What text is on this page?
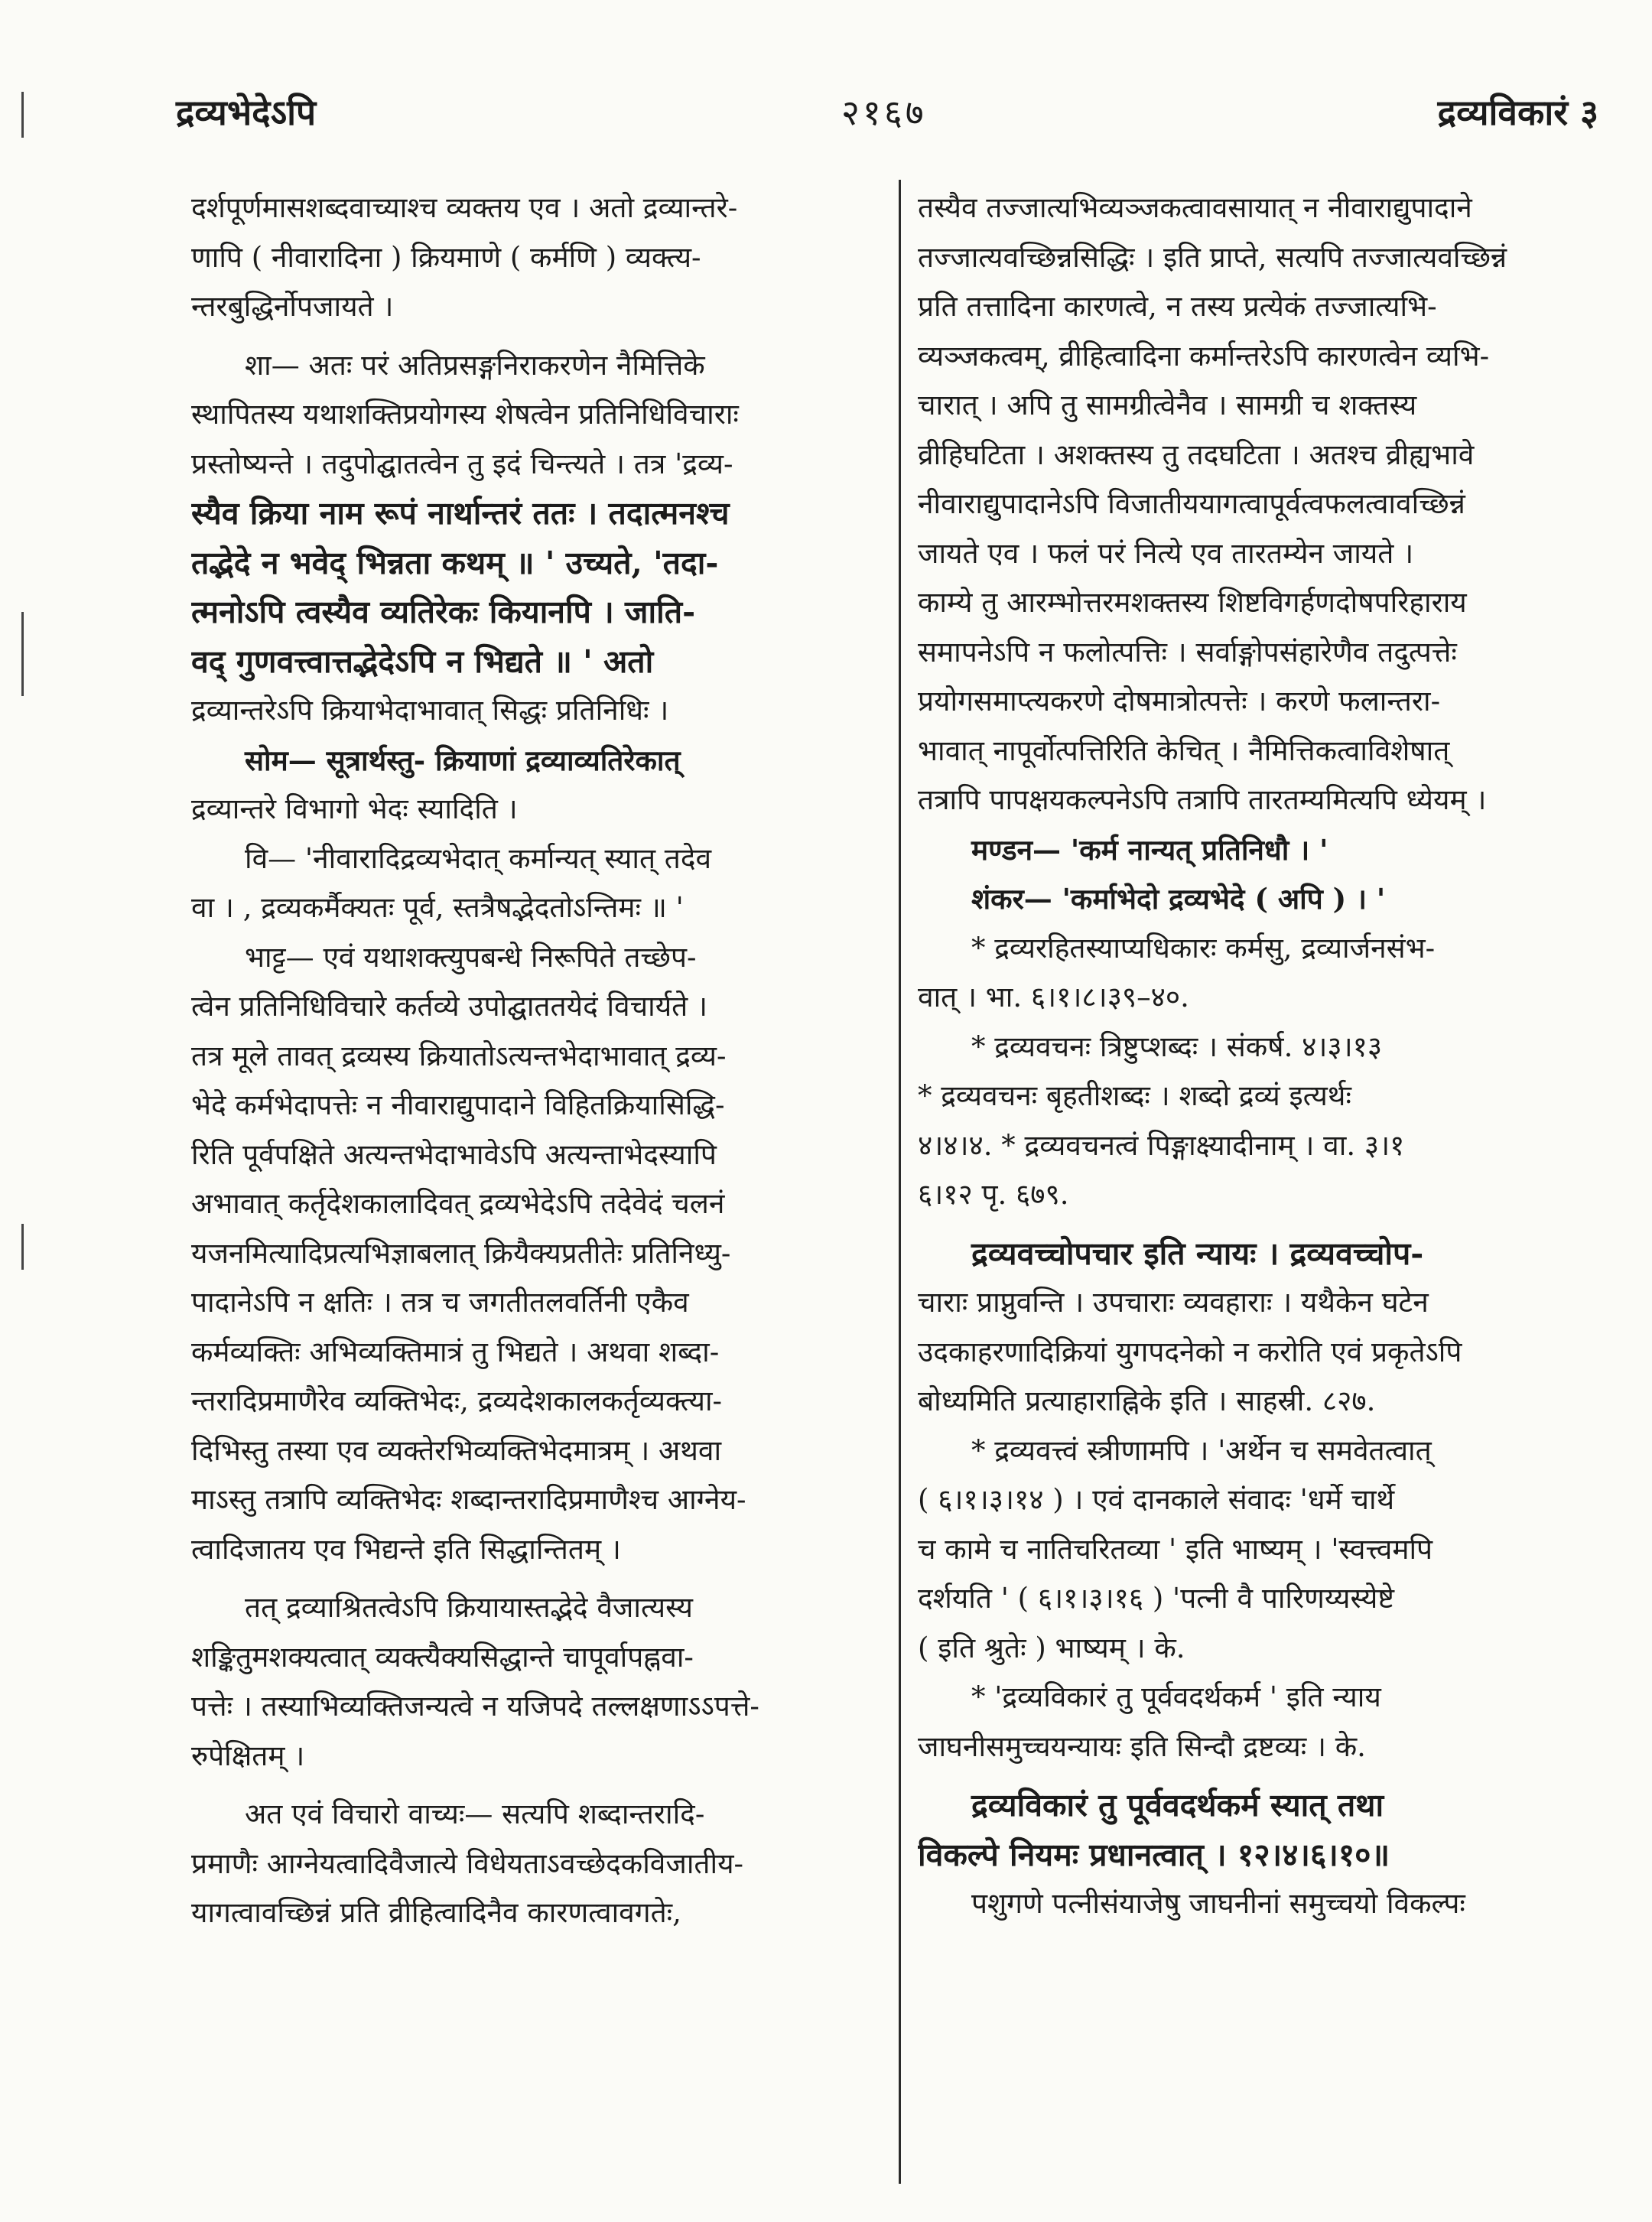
द्रव्यभेदेऽपि	२१६७	द्रव्यविकारं ३
दर्शपूर्णमासशब्दवाच्याश्च व्यक्तय एव । अतो द्रव्यान्तरे-
णापि ( नीवारादिना ) क्रियमाणे ( कर्मणि ) व्यक्त्य-
न्तरबुद्धिर्नोपजायते ।
शा— अतः परं अतिप्रसङ्गनिराकरणेन नैमित्तिके
स्थापितस्य यथाशक्तिप्रयोगस्य शेषत्वेन प्रतिनिधिविचाराः
प्रस्तोष्यन्ते । तदुपोद्घातत्वेन तु इदं चिन्त्यते । तत्र 'द्रव्य-
स्यैव क्रिया नाम रूपं नार्थान्तरं ततः । तदात्मनश्च
तद्भेदे न भवेद् भिन्नता कथम् ॥ ' उच्यते, 'तदा-
त्मनोऽपि त्वस्यैव व्यतिरेकः कियानपि । जाति-
वद् गुणवत्त्वात्तद्भेदेऽपि न भिद्यते ॥ ' अतो
द्रव्यान्तरेऽपि क्रियाभेदाभावात् सिद्धः प्रतिनिधिः ।
सोम— सूत्रार्थस्तु- क्रियाणां द्रव्याव्यतिरेकात्
द्रव्यान्तरे विभागो भेदः स्यादिति ।
वि— 'नीवारादिद्रव्यभेदात् कर्मान्यत् स्यात् तदेव
वा । , द्रव्यकर्मैक्यतः पूर्व, स्तत्रैषद्भेदतोऽन्तिमः ॥ '
भाट्ट— एवं यथाशक्त्युपबन्धे निरूपिते तच्छेप-
त्वेन प्रतिनिधिविचारे कर्तव्ये उपोद्घाततयेदं विचार्यते ।
तत्र मूले तावत् द्रव्यस्य क्रियातोऽत्यन्तभेदाभावात् द्रव्य-
भेदे कर्मभेदापत्तेः न नीवाराद्युपादाने विहितक्रियासिद्धि-
रिति पूर्वपक्षिते अत्यन्तभेदाभावेऽपि अत्यन्ताभेदस्यापि
अभावात् कर्तृदेशकालादिवत् द्रव्यभेदेऽपि तदेवेदं चलनं
यजनमित्यादिप्रत्यभिज्ञाबलात् क्रियैक्यप्रतीतेः प्रतिनिध्यु-
पादानेऽपि न क्षतिः । तत्र च जगतीतलवर्तिनी एकैव
कर्मव्यक्तिः अभिव्यक्तिमात्रं तु भिद्यते । अथवा शब्दा-
न्तरादिप्रमाणैरेव व्यक्तिभेदः, द्रव्यदेशकालकर्तृव्यक्त्या-
दिभिस्तु तस्या एव व्यक्तेरभिव्यक्तिभेदमात्रम् । अथवा
माऽस्तु तत्रापि व्यक्तिभेदः शब्दान्तरादिप्रमाणैश्च आग्नेय-
त्वादिजातय एव भिद्यन्ते इति सिद्धान्तितम् ।
तत् द्रव्याश्रितत्वेऽपि क्रियायास्तद्भेदे वैजात्यस्य
शङ्कितुमशक्यत्वात् व्यक्त्यैक्यसिद्धान्ते चापूर्वापह्नवा-
पत्तेः । तस्याभिव्यक्तिजन्यत्वे न यजिपदे तल्लक्षणाऽऽपत्ते-
रुपेक्षितम् ।
अत एवं विचारो वाच्यः— सत्यपि शब्दान्तरादि-
प्रमाणैः आग्नेयत्वादिवैजात्ये विधेयताऽवच्छेदकविजातीय-
यागत्वावच्छिन्नं प्रति व्रीहित्वादिनैव कारणत्वावगतेः,
तस्यैव तज्जात्यभिव्यञ्जकत्वावसायात् न नीवाराद्युपादाने
तज्जात्यवच्छिन्नसिद्धिः । इति प्राप्ते, सत्यपि तज्जात्यवच्छिन्नं
प्रति तत्तादिना कारणत्वे, न तस्य प्रत्येकं तज्जात्यभि-
व्यञ्जकत्वम्, व्रीहित्वादिना कर्मान्तरेऽपि कारणत्वेन व्यभि-
चारात् । अपि तु सामग्रीत्वेनैव । सामग्री च शक्तस्य
व्रीहिघटिता । अशक्तस्य तु तदघटिता । अतश्च व्रीह्यभावे
नीवाराद्युपादानेऽपि विजातीययागत्वापूर्वत्वफलत्वावच्छिन्नं
जायते एव । फलं परं नित्ये एव तारतम्येन जायते ।
काम्ये तु आरम्भोत्तरमशक्तस्य शिष्टविगर्हणदोषपरिहाराय
समापनेऽपि न फलोत्पत्तिः । सर्वाङ्गोपसंहारेणैव तदुत्पत्तेः
प्रयोगसमाप्त्यकरणे दोषमात्रोत्पत्तेः । करणे फलान्तरा-
भावात् नापूर्वोत्पत्तिरिति केचित् । नैमित्तिकत्वाविशेषात्
तत्रापि पापक्षयकल्पनेऽपि तत्रापि तारतम्यमित्यपि ध्येयम् ।
मण्डन— 'कर्म नान्यत् प्रतिनिधौ । '
शंकर— 'कर्माभेदो द्रव्यभेदे ( अपि ) । '
* द्रव्यरहितस्याप्यधिकारः कर्मसु, द्रव्यार्जनसंभ-
वात् । भा. ६।१।८।३९–४०.
* द्रव्यवचनः त्रिष्टुप्शब्दः । संकर्ष. ४।३।१३
* द्रव्यवचनः बृहतीशब्दः । शब्दो द्रव्यं इत्यर्थः
४।४।४. * द्रव्यवचनत्वं पिङ्गाक्ष्यादीनाम् । वा. ३।१
६।१२ पृ. ६७९.
द्रव्यवच्चोपचार इति न्यायः । द्रव्यवच्चोप-
चाराः प्राप्नुवन्ति । उपचाराः व्यवहाराः । यथैकेन घटेन
उदकाहरणादिक्रियां युगपदनेको न करोति एवं प्रकृतेऽपि
बोध्यमिति प्रत्याहाराह्निके इति । साहस्री. ८२७.
* द्रव्यवत्त्वं स्त्रीणामपि । 'अर्थेन च समवेतत्वात्
( ६।१।३।१४ ) । एवं दानकाले संवादः 'धर्मे चार्थे
च कामे च नातिचरितव्या ' इति भाष्यम् । 'स्वत्त्वमपि
दर्शयति ' ( ६।१।३।१६ ) 'पत्नी वै पारिणय्यस्येष्टे
( इति श्रुतेः ) भाष्यम् । के.
* 'द्रव्यविकारं तु पूर्ववदर्थकर्म ' इति न्याय
जाघनीसमुच्चयन्यायः इति सिन्दौ द्रष्टव्यः । के.
द्रव्यविकारं तु पूर्ववदर्थकर्म स्यात् तथा
विकल्पे नियमः प्रधानत्वात् । १२।४।६।१०॥
पशुगणे पत्नीसंयाजेषु जाघनीनां समुच्चयो विकल्पः
